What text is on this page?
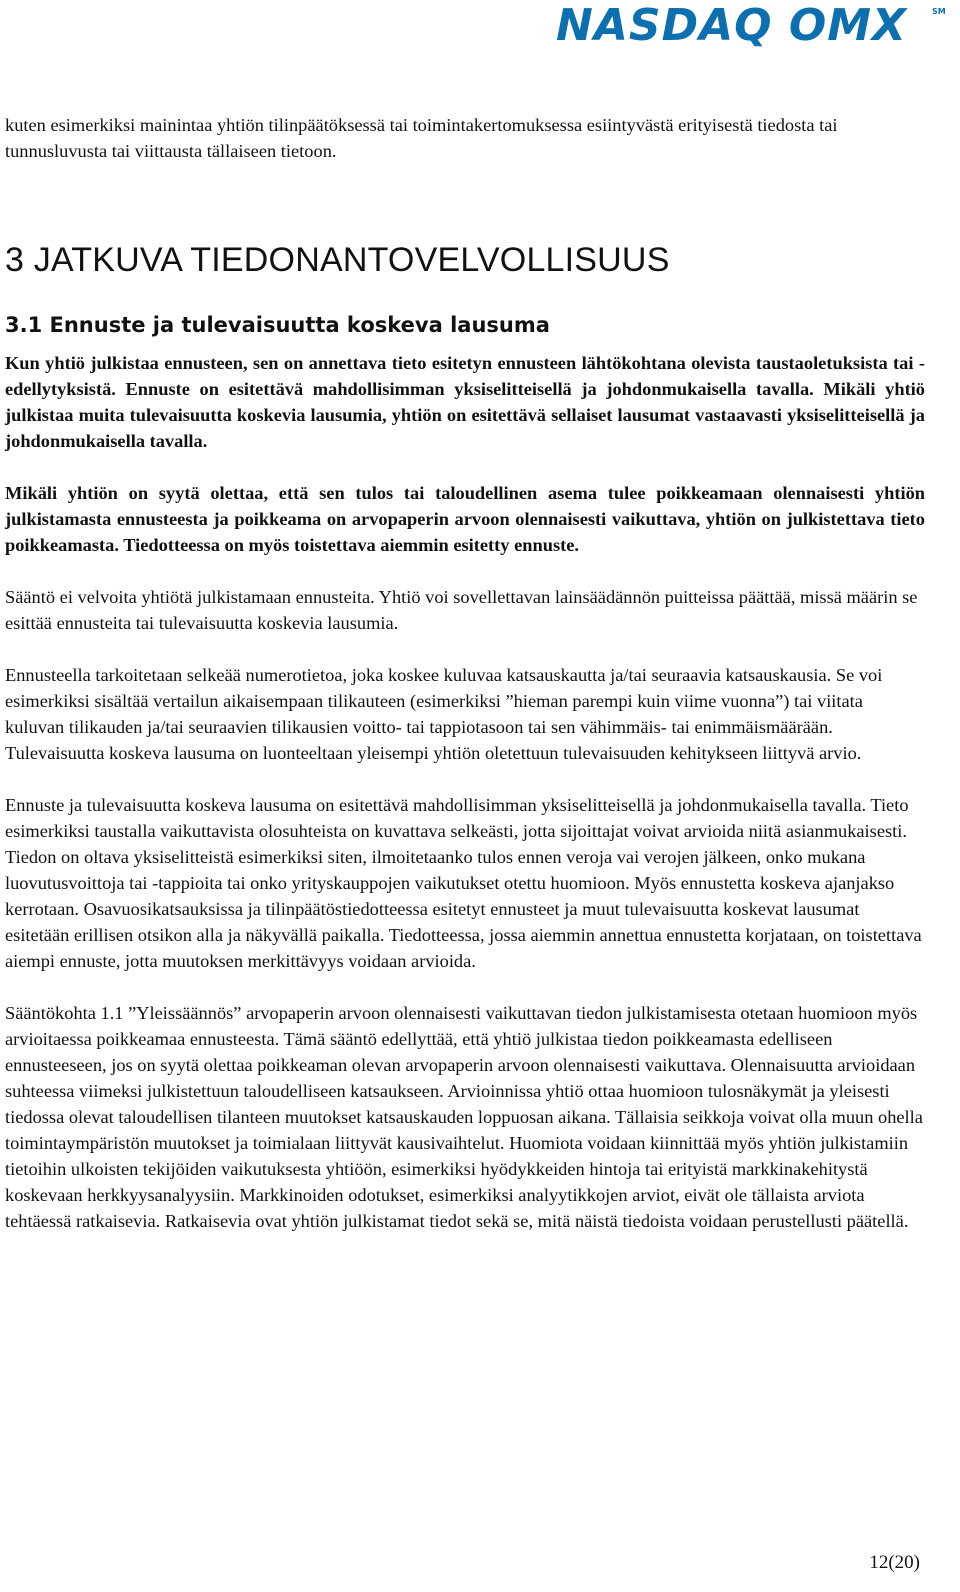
NASDAQ OMX	SM

kuten esimerkiksi mainintaa yhtiön tilinpäätöksessä tai toimintakertomuksessa esiintyvästä erityisestä tiedosta tai tunnusluvusta tai viittausta tällaiseen tietoon.

3 JATKUVA TIEDONANTOVELVOLLISUUS
3.1 Ennuste ja tulevaisuutta koskeva lausuma

Kun yhtiö julkistaa ennusteen, sen on annettava tieto esitetyn ennusteen lähtökohtana olevista taustaoletuksista tai -edellytyksistä. Ennuste on esitettävä mahdollisimman yksiselitteisellä ja johdonmukaisella tavalla. Mikäli yhtiö julkistaa muita tulevaisuutta koskevia lausumia, yhtiön on esitettävä sellaiset lausumat vastaavasti yksiselitteisellä ja johdonmukaisella tavalla.

Mikäli yhtiön on syytä olettaa, että sen tulos tai taloudellinen asema tulee poikkeamaan olennaisesti yhtiön julkistamasta ennusteesta ja poikkeama on arvopaperin arvoon olennaisesti vaikuttava, yhtiön on julkistettava tieto poikkeamasta. Tiedotteessa on myös toistettava aiemmin esitetty ennuste.

Sääntö ei velvoita yhtiötä julkistamaan ennusteita. Yhtiö voi sovellettavan lainsäädännön puitteissa päättää, missä määrin se esittää ennusteita tai tulevaisuutta koskevia lausumia.

Ennusteella tarkoitetaan selkeää numerotietoa, joka koskee kuluvaa katsauskautta ja/tai seuraavia katsauskausia. Se voi esimerkiksi sisältää vertailun aikaisempaan tilikauteen (esimerkiksi ”hieman parempi kuin viime vuonna”) tai viitata kuluvan tilikauden ja/tai seuraavien tilikausien voitto- tai tappiotasoon tai sen vähimmäis- tai enimmäismäärään. Tulevaisuutta koskeva lausuma on luonteeltaan yleisempi yhtiön oletettuun tulevaisuuden kehitykseen liittyvä arvio.

Ennuste ja tulevaisuutta koskeva lausuma on esitettävä mahdollisimman yksiselitteisellä ja johdonmukaisella tavalla. Tieto esimerkiksi taustalla vaikuttavista olosuhteista on kuvattava selkeästi, jotta sijoittajat voivat arvioida niitä asianmukaisesti. Tiedon on oltava yksiselitteistä esimerkiksi siten, ilmoitetaanko tulos ennen veroja vai verojen jälkeen, onko mukana luovutusvoittoja tai -tappioita tai onko yrityskauppojen vaikutukset otettu huomioon. Myös ennustetta koskeva ajanjakso kerrotaan. Osavuosikatsauksissa ja tilinpäätöstiedotteessa esitetyt ennusteet ja muut tulevaisuutta koskevat lausumat esitetään erillisen otsikon alla ja näkyvällä paikalla. Tiedotteessa, jossa aiemmin annettua ennustetta korjataan, on toistettava aiempi ennuste, jotta muutoksen merkittävyys voidaan arvioida.

Sääntökohta 1.1 ”Yleissäännös” arvopaperin arvoon olennaisesti vaikuttavan tiedon julkistamisesta otetaan huomioon myös arvioitaessa poikkeamaa ennusteesta. Tämä sääntö edellyttää, että yhtiö julkistaa tiedon poikkeamasta edelliseen ennusteeseen, jos on syytä olettaa poikkeaman olevan arvopaperin arvoon olennaisesti vaikuttava. Olennaisuutta arvioidaan suhteessa viimeksi julkistettuun taloudelliseen katsaukseen. Arvioinnissa yhtiö ottaa huomioon tulosnäkymät ja yleisesti tiedossa olevat taloudellisen tilanteen muutokset katsauskauden loppuosan aikana. Tällaisia seikkoja voivat olla muun ohella toimintaympäristön muutokset ja toimialaan liittyvät kausivaihtelut. Huomiota voidaan kiinnittää myös yhtiön julkistamiin tietoihin ulkoisten tekijöiden vaikutuksesta yhtiöön, esimerkiksi hyödykkeiden hintoja tai erityistä markkinakehitystä koskevaan herkkyysanalyysiin. Markkinoiden odotukset, esimerkiksi analyytikkojen arviot, eivät ole tällaista arviota tehtäessä ratkaisevia. Ratkaisevia ovat yhtiön julkistamat tiedot sekä se, mitä näistä tiedoista voidaan perustellusti päätellä.

12(20)
